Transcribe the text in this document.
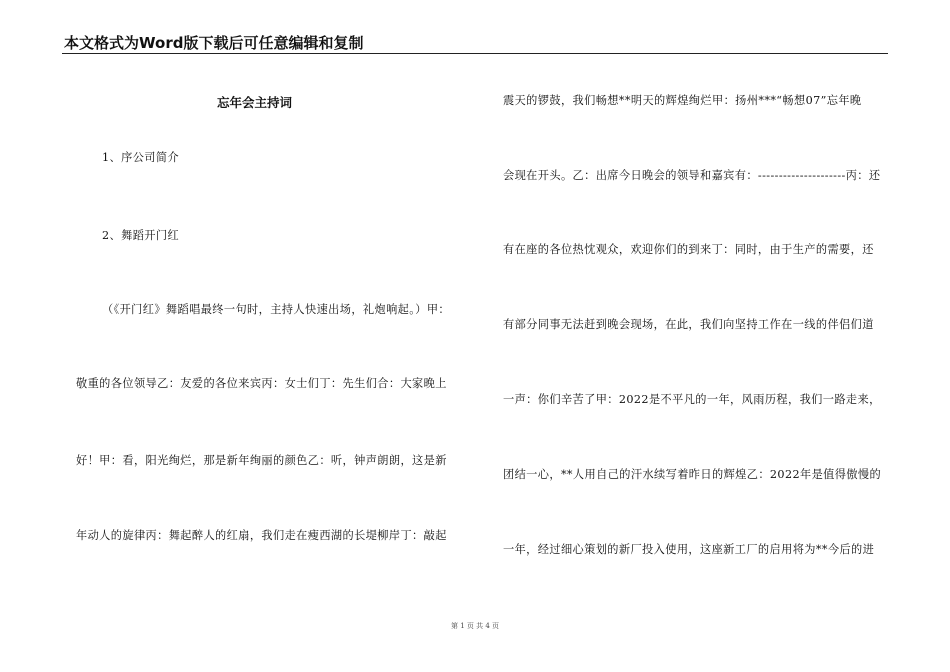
本文格式为Word版下载后可任意编辑和复制
忘年会主持词
1、序公司简介
2、舞蹈开门红
（《开门红》舞蹈唱最终一句时，主持人快速出场，礼炮响起。）甲：
敬重的各位领导乙：友爱的各位来宾丙：女士们丁：先生们合：大家晚上
好！甲：看，阳光绚烂，那是新年绚丽的颜色乙：听，钟声朗朗，这是新
年动人的旋律丙：舞起醉人的红扇，我们走在瘦西湖的长堤柳岸丁：敲起
震天的锣鼓，我们畅想**明天的辉煌绚烂甲：扬州***“畅想07”忘年晚
会现在开头。乙：出席今日晚会的领导和嘉宾有：---------------------丙：还
有在座的各位热忱观众，欢迎你们的到来丁：同时，由于生产的需要，还
有部分同事无法赶到晚会现场，在此，我们向坚持工作在一线的伴侣们道
一声：你们辛苦了甲：2022是不平凡的一年，风雨历程，我们一路走来，
团结一心，**人用自己的汗水续写着昨日的辉煌乙：2022年是值得傲慢的
一年，经过细心策划的新厂投入使用，这座新工厂的启用将为**今后的进
第 1 页 共 4 页
